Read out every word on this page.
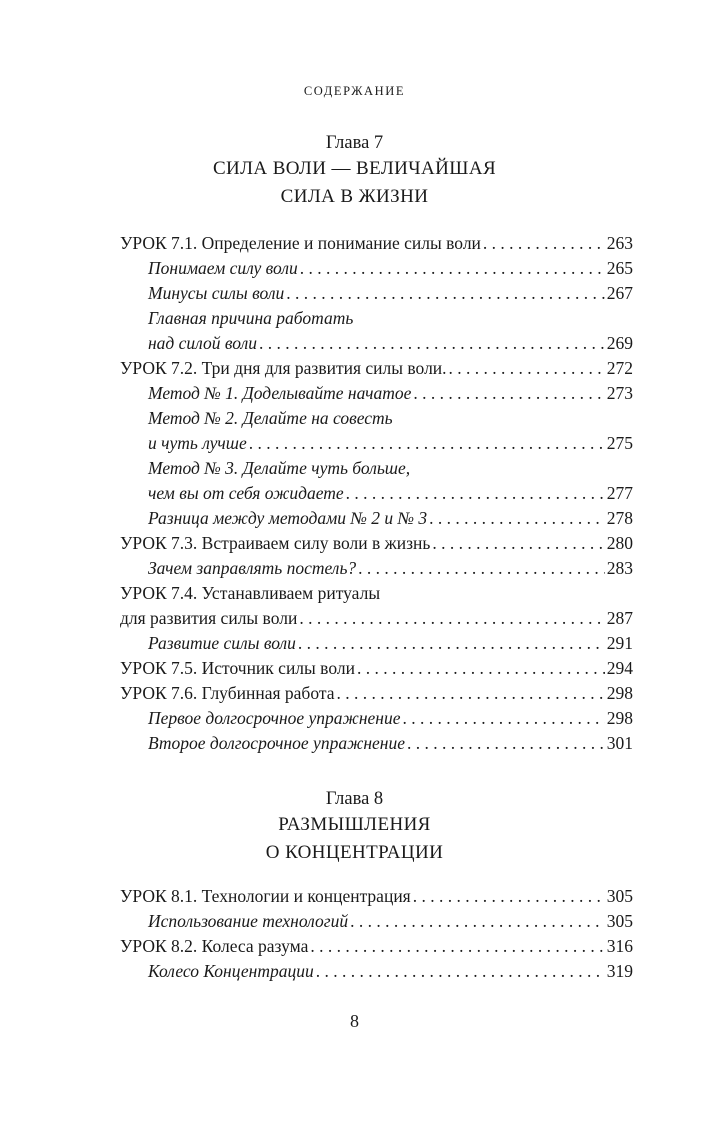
СОДЕРЖАНИЕ
Глава 7
СИЛА ВОЛИ — ВЕЛИЧАЙШАЯ
СИЛА В ЖИЗНИ
УРОК 7.1. Определение и понимание силы воли . . .	263
Понимаем силу воли . . .	265
Минусы силы воли . . .	267
Главная причина работать
над силой воли . . .	269
УРОК 7.2. Три дня для развития силы воли. . . .	272
Метод № 1. Доделывайте начатое . . .	273
Метод № 2. Делайте на совесть
и чуть лучше . . .	275
Метод № 3. Делайте чуть больше,
чем вы от себя ожидаете . . .	277
Разница между методами № 2 и № 3 . . .	278
УРОК 7.3. Встраиваем силу воли в жизнь . . .	280
Зачем заправлять постель? . . .	283
УРОК 7.4. Устанавливаем ритуалы
для развития силы воли . . .	287
Развитие силы воли . . .	291
УРОК 7.5. Источник силы воли . . .	294
УРОК 7.6. Глубинная работа . . .	298
Первое долгосрочное упражнение . . .	298
Второе долгосрочное упражнение . . .	301
Глава 8
РАЗМЫШЛЕНИЯ
О КОНЦЕНТРАЦИИ
УРОК 8.1. Технологии и концентрация . . .	305
Использование технологий . . .	305
УРОК 8.2. Колеса разума . . .	316
Колесо Концентрации . . .	319
8
